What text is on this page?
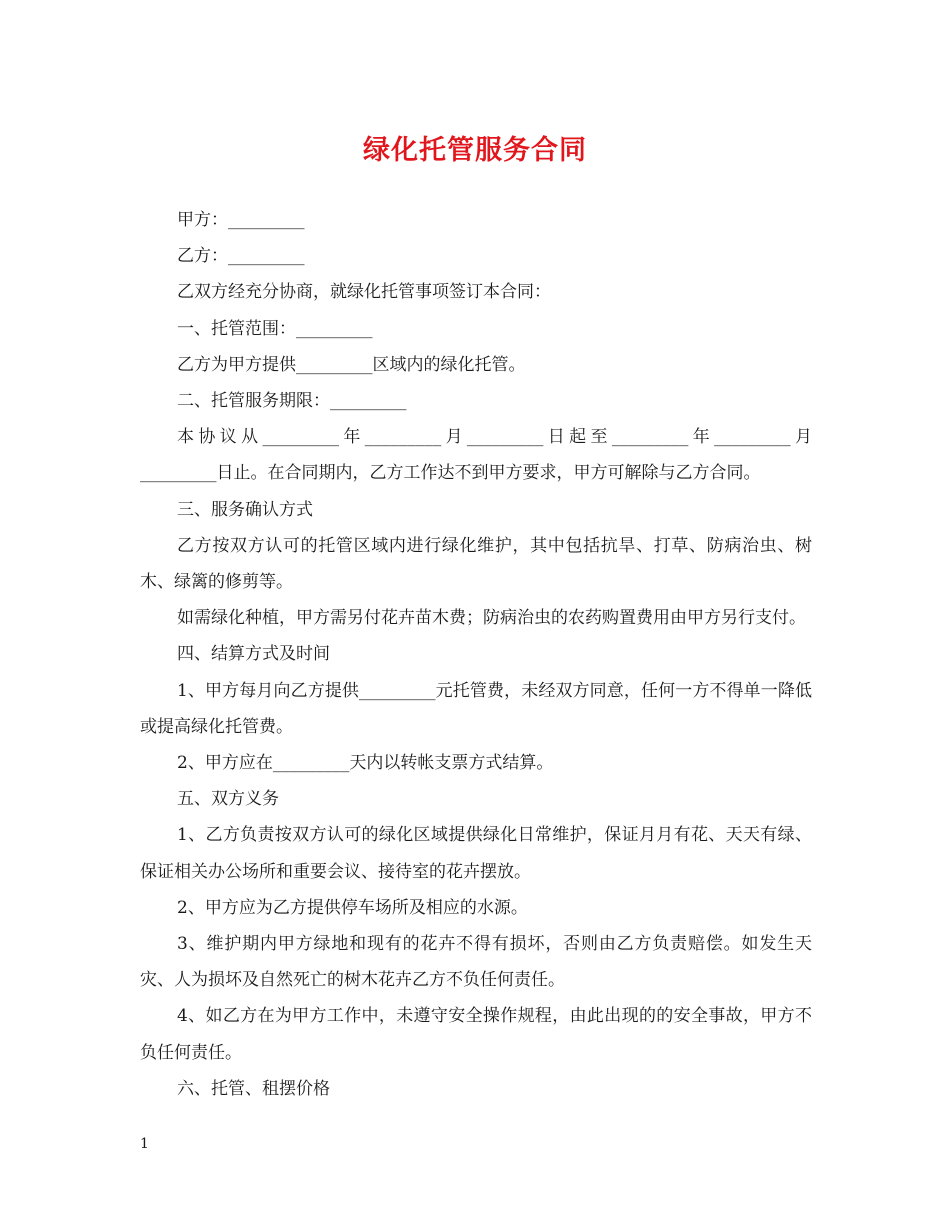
绿化托管服务合同

甲方：_________

乙方：_________

乙双方经充分协商，就绿化托管事项签订本合同：

一、托管范围：_________

乙方为甲方提供_________区域内的绿化托管。

二、托管服务期限：_________

本协议从_________年_________月_________日起至_________年_________月_________日止。在合同期内，乙方工作达不到甲方要求，甲方可解除与乙方合同。

三、服务确认方式

乙方按双方认可的托管区域内进行绿化维护，其中包括抗旱、打草、防病治虫、树木、绿篱的修剪等。

如需绿化种植，甲方需另付花卉苗木费；防病治虫的农药购置费用由甲方另行支付。

四、结算方式及时间

1、甲方每月向乙方提供_________元托管费，未经双方同意，任何一方不得单一降低或提高绿化托管费。

2、甲方应在_________天内以转帐支票方式结算。

五、双方义务

1、乙方负责按双方认可的绿化区域提供绿化日常维护，保证月月有花、天天有绿、保证相关办公场所和重要会议、接待室的花卉摆放。

2、甲方应为乙方提供停车场所及相应的水源。

3、维护期内甲方绿地和现有的花卉不得有损坏，否则由乙方负责赔偿。如发生天灾、人为损坏及自然死亡的树木花卉乙方不负任何责任。

4、如乙方在为甲方工作中，未遵守安全操作规程，由此出现的的安全事故，甲方不负任何责任。

六、托管、租摆价格

1
